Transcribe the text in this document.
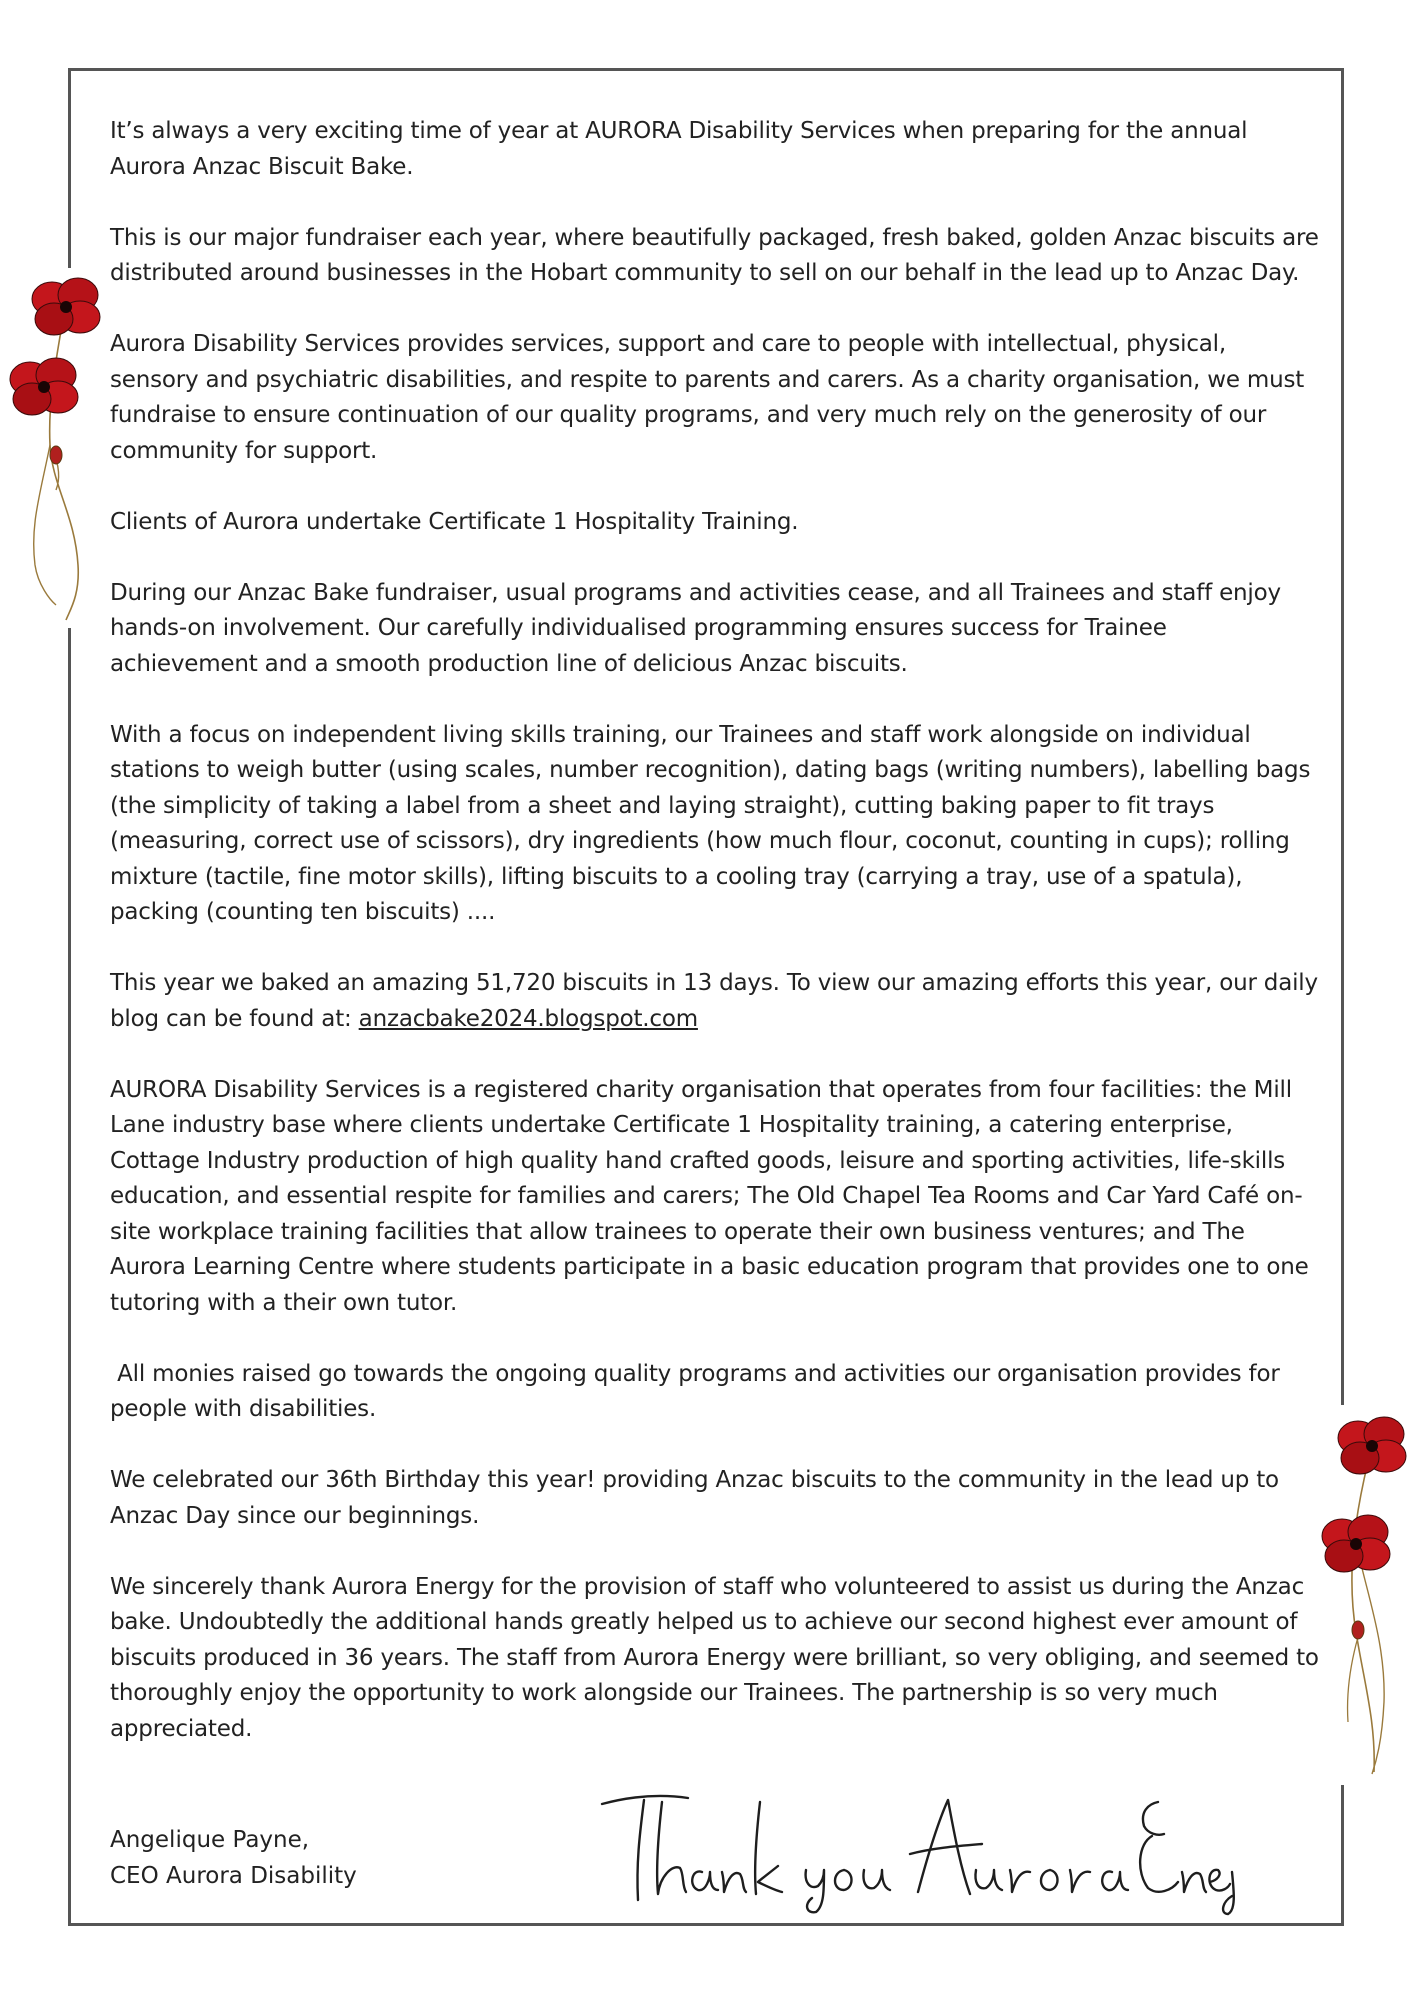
It’s always a very exciting time of year at AURORA Disability Services when preparing for the annual Aurora Anzac Biscuit Bake.

This is our major fundraiser each year, where beautifully packaged, fresh baked, golden Anzac biscuits are distributed around businesses in the Hobart community to sell on our behalf in the lead up to Anzac Day.

Aurora Disability Services provides services, support and care to people with intellectual, physical, sensory and psychiatric disabilities, and respite to parents and carers. As a charity organisation, we must fundraise to ensure continuation of our quality programs, and very much rely on the generosity of our community for support.

Clients of Aurora undertake Certificate 1 Hospitality Training.

During our Anzac Bake fundraiser, usual programs and activities cease, and all Trainees and staff enjoy hands-on involvement. Our carefully individualised programming ensures success for Trainee achievement and a smooth production line of delicious Anzac biscuits.

With a focus on independent living skills training, our Trainees and staff work alongside on individual stations to weigh butter (using scales, number recognition), dating bags (writing numbers), labelling bags (the simplicity of taking a label from a sheet and laying straight), cutting baking paper to fit trays (measuring, correct use of scissors), dry ingredients (how much flour, coconut, counting in cups); rolling mixture (tactile, fine motor skills), lifting biscuits to a cooling tray (carrying a tray, use of a spatula), packing (counting ten biscuits) ....

This year we baked an amazing 51,720 biscuits in 13 days. To view our amazing efforts this year, our daily blog can be found at: anzacbake2024.blogspot.com

AURORA Disability Services is a registered charity organisation that operates from four facilities: the Mill Lane industry base where clients undertake Certificate 1 Hospitality training, a catering enterprise, Cottage Industry production of high quality hand crafted goods, leisure and sporting activities, life-skills education, and essential respite for families and carers; The Old Chapel Tea Rooms and Car Yard Café on-site workplace training facilities that allow trainees to operate their own business ventures; and The Aurora Learning Centre where students participate in a basic education program that provides one to one tutoring with a their own tutor.

All monies raised go towards the ongoing quality programs and activities our organisation provides for people with disabilities.

We celebrated our 36th Birthday this year! providing Anzac biscuits to the community in the lead up to Anzac Day since our beginnings.

We sincerely thank Aurora Energy for the provision of staff who volunteered to assist us during the Anzac bake. Undoubtedly the additional hands greatly helped us to achieve our second highest ever amount of biscuits produced in 36 years. The staff from Aurora Energy were brilliant, so very obliging, and seemed to thoroughly enjoy the opportunity to work alongside our Trainees. The partnership is so very much appreciated.

Angelique Payne,
CEO Aurora Disability
